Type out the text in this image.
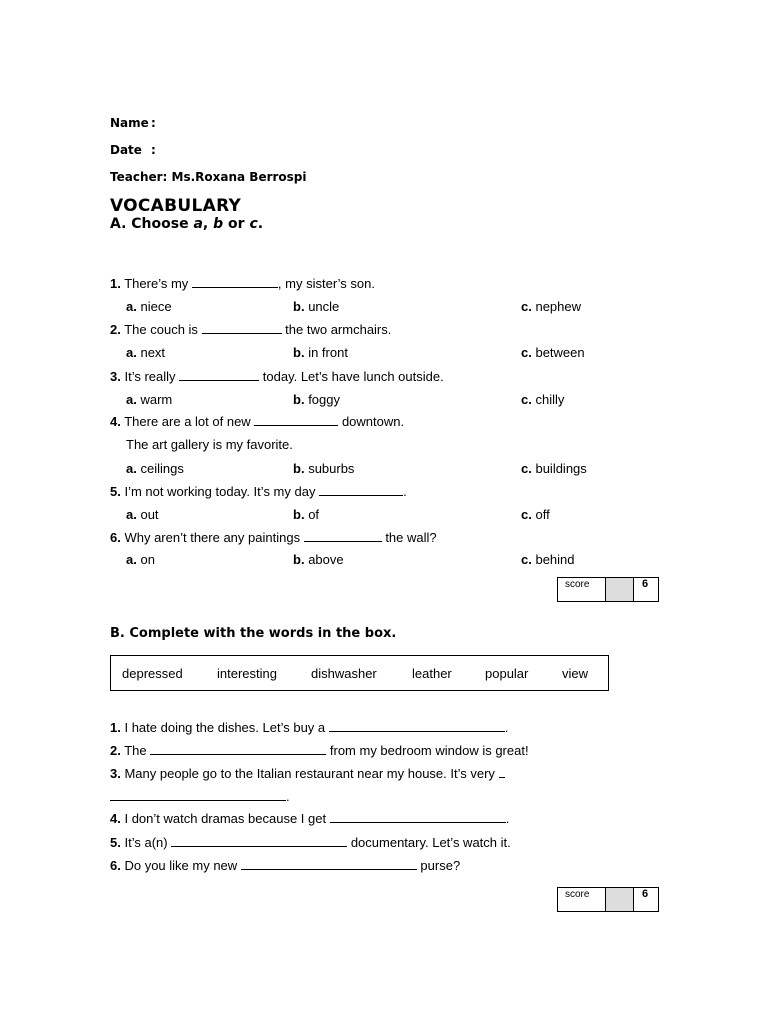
Name :
Date :
Teacher: Ms.Roxana Berrospi
VOCABULARY
A. Choose a, b or c.
1. There’s my	, my sister’s son.
a. niece	b. uncle	c. nephew
2. The couch is	the two armchairs.
a. next	b. in front	c. between
3. It’s really	today. Let’s have lunch outside.
a. warm	b. foggy	c. chilly
4. There are a lot of new	downtown.
The art gallery is my favorite.
a. ceilings	b. suburbs	c. buildings
5. I’m not working today. It’s my day	.
a. out	b. of	c. off
6. Why aren’t there any paintings	the wall?
a. on	b. above	c. behind
score	6
B. Complete with the words in the box.
depressed	interesting	dishwasher	leather	popular	view
1. I hate doing the dishes. Let’s buy a	.
2. The	from my bedroom window is great!
3. Many people go to the Italian restaurant near my house. It’s very
.
4. I don’t watch dramas because I get	.
5. It’s a(n)	documentary. Let’s watch it.
6. Do you like my new	purse?
score	6
